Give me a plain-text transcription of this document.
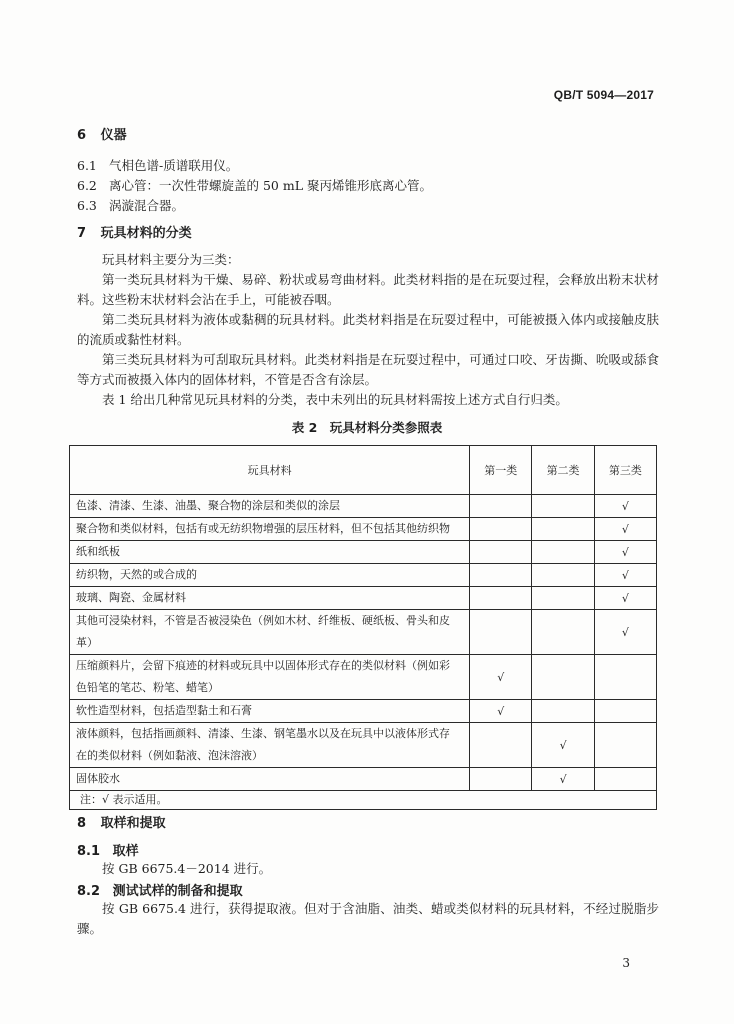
QB/T 5094—2017
6 仪器
6.1 气相色谱-质谱联用仪。
6.2 离心管：一次性带螺旋盖的 50 mL 聚丙烯锥形底离心管。
6.3 涡漩混合器。
7 玩具材料的分类
玩具材料主要分为三类：
第一类玩具材料为干燥、易碎、粉状或易弯曲材料。此类材料指的是在玩耍过程，会释放出粉末状材料。这些粉末状材料会沾在手上，可能被吞咽。
第二类玩具材料为液体或黏稠的玩具材料。此类材料指是在玩耍过程中，可能被摄入体内或接触皮肤的流质或黏性材料。
第三类玩具材料为可刮取玩具材料。此类材料指是在玩耍过程中，可通过口咬、牙齿撕、吮吸或舔食等方式而被摄入体内的固体材料，不管是否含有涂层。
表 1 给出几种常见玩具材料的分类，表中未列出的玩具材料需按上述方式自行归类。
表 2　玩具材料分类参照表
玩具材料	第一类	第二类	第三类
色漆、清漆、生漆、油墨、聚合物的涂层和类似的涂层			√
聚合物和类似材料，包括有或无纺织物增强的层压材料，但不包括其他纺织物			√
纸和纸板			√
纺织物，天然的或合成的			√
玻璃、陶瓷、金属材料			√
其他可浸染材料，不管是否被浸染色（例如木材、纤维板、硬纸板、骨头和皮
革）			√
压缩颜料片，会留下痕迹的材料或玩具中以固体形式存在的类似材料（例如彩
色铅笔的笔芯、粉笔、蜡笔）	√		
软性造型材料，包括造型黏土和石膏	√		
液体颜料，包括指画颜料、清漆、生漆、钢笔墨水以及在玩具中以液体形式存
在的类似材料（例如黏液、泡沫溶液）		√	
固体胶水		√	
注：√ 表示适用。			
8 取样和提取
8.1 取样
按 GB 6675.4－2014 进行。
8.2 测试试样的制备和提取
按 GB 6675.4 进行，获得提取液。但对于含油脂、油类、蜡或类似材料的玩具材料，不经过脱脂步骤。
3
